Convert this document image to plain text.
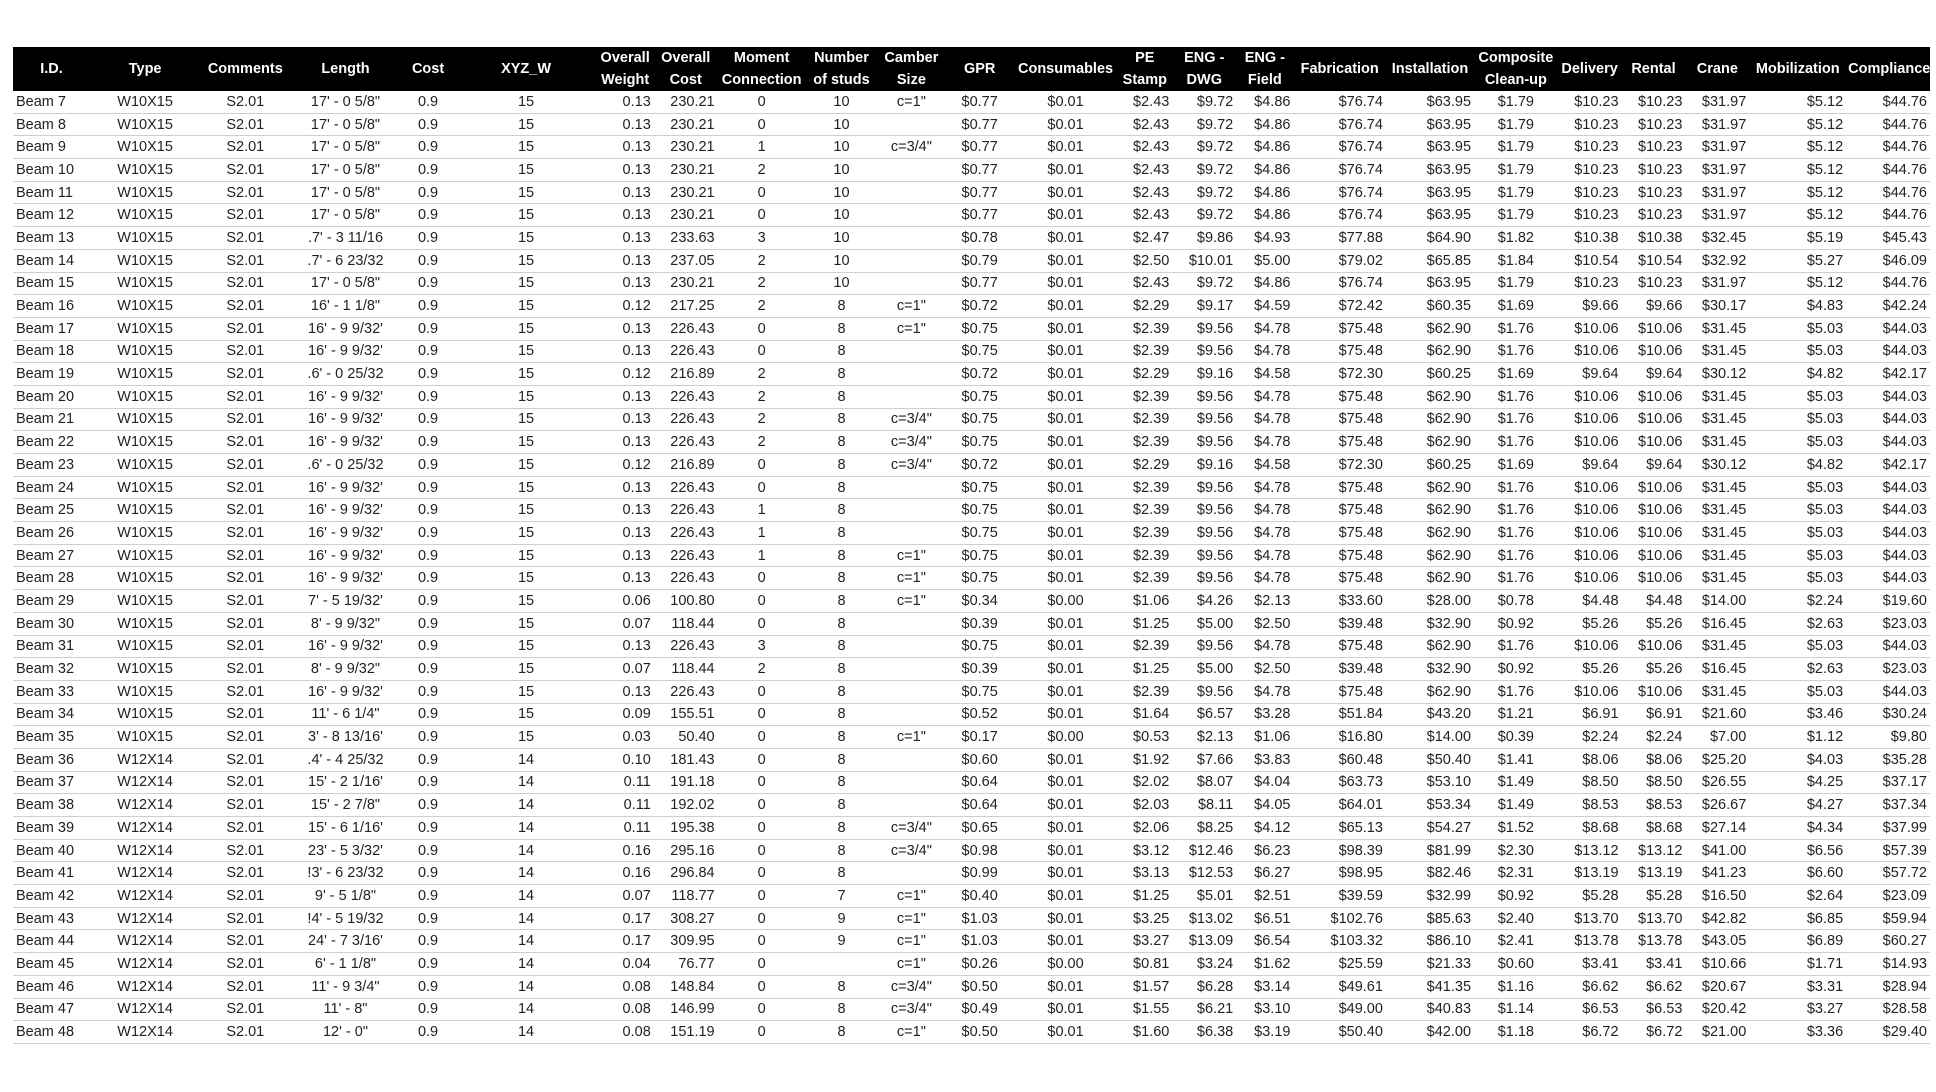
I.D.	Type	Comments	Length	Cost	XYZ_W	Overall Weight	Overall Cost	Moment Connection	Number of studs	Camber Size	GPR	Consumables	PE Stamp	ENG - DWG	ENG - Field	Fabrication	Installation	Composite Clean-up	Delivery	Rental	Crane	Mobilization	Compliance
Beam 7	W10X15	S2.01	17' - 0 5/8"	0.9	15	0.13	230.21	0	10	c=1"	$0.77	$0.01	$2.43	$9.72	$4.86	$76.74	$63.95	$1.79	$10.23	$10.23	$31.97	$5.12	$44.76
Beam 8	W10X15	S2.01	17' - 0 5/8"	0.9	15	0.13	230.21	0	10		$0.77	$0.01	$2.43	$9.72	$4.86	$76.74	$63.95	$1.79	$10.23	$10.23	$31.97	$5.12	$44.76
Beam 9	W10X15	S2.01	17' - 0 5/8"	0.9	15	0.13	230.21	1	10	c=3/4"	$0.77	$0.01	$2.43	$9.72	$4.86	$76.74	$63.95	$1.79	$10.23	$10.23	$31.97	$5.12	$44.76
Beam 10	W10X15	S2.01	17' - 0 5/8"	0.9	15	0.13	230.21	2	10		$0.77	$0.01	$2.43	$9.72	$4.86	$76.74	$63.95	$1.79	$10.23	$10.23	$31.97	$5.12	$44.76
Beam 11	W10X15	S2.01	17' - 0 5/8"	0.9	15	0.13	230.21	0	10		$0.77	$0.01	$2.43	$9.72	$4.86	$76.74	$63.95	$1.79	$10.23	$10.23	$31.97	$5.12	$44.76
Beam 12	W10X15	S2.01	17' - 0 5/8"	0.9	15	0.13	230.21	0	10		$0.77	$0.01	$2.43	$9.72	$4.86	$76.74	$63.95	$1.79	$10.23	$10.23	$31.97	$5.12	$44.76
Beam 13	W10X15	S2.01	.7' - 3 11/16	0.9	15	0.13	233.63	3	10		$0.78	$0.01	$2.47	$9.86	$4.93	$77.88	$64.90	$1.82	$10.38	$10.38	$32.45	$5.19	$45.43
Beam 14	W10X15	S2.01	.7' - 6 23/32	0.9	15	0.13	237.05	2	10		$0.79	$0.01	$2.50	$10.01	$5.00	$79.02	$65.85	$1.84	$10.54	$10.54	$32.92	$5.27	$46.09
Beam 15	W10X15	S2.01	17' - 0 5/8"	0.9	15	0.13	230.21	2	10		$0.77	$0.01	$2.43	$9.72	$4.86	$76.74	$63.95	$1.79	$10.23	$10.23	$31.97	$5.12	$44.76
Beam 16	W10X15	S2.01	16' - 1 1/8"	0.9	15	0.12	217.25	2	8	c=1"	$0.72	$0.01	$2.29	$9.17	$4.59	$72.42	$60.35	$1.69	$9.66	$9.66	$30.17	$4.83	$42.24
Beam 17	W10X15	S2.01	16' - 9 9/32'	0.9	15	0.13	226.43	0	8	c=1"	$0.75	$0.01	$2.39	$9.56	$4.78	$75.48	$62.90	$1.76	$10.06	$10.06	$31.45	$5.03	$44.03
Beam 18	W10X15	S2.01	16' - 9 9/32'	0.9	15	0.13	226.43	0	8		$0.75	$0.01	$2.39	$9.56	$4.78	$75.48	$62.90	$1.76	$10.06	$10.06	$31.45	$5.03	$44.03
Beam 19	W10X15	S2.01	.6' - 0 25/32	0.9	15	0.12	216.89	2	8		$0.72	$0.01	$2.29	$9.16	$4.58	$72.30	$60.25	$1.69	$9.64	$9.64	$30.12	$4.82	$42.17
Beam 20	W10X15	S2.01	16' - 9 9/32'	0.9	15	0.13	226.43	2	8		$0.75	$0.01	$2.39	$9.56	$4.78	$75.48	$62.90	$1.76	$10.06	$10.06	$31.45	$5.03	$44.03
Beam 21	W10X15	S2.01	16' - 9 9/32'	0.9	15	0.13	226.43	2	8	c=3/4"	$0.75	$0.01	$2.39	$9.56	$4.78	$75.48	$62.90	$1.76	$10.06	$10.06	$31.45	$5.03	$44.03
Beam 22	W10X15	S2.01	16' - 9 9/32'	0.9	15	0.13	226.43	2	8	c=3/4"	$0.75	$0.01	$2.39	$9.56	$4.78	$75.48	$62.90	$1.76	$10.06	$10.06	$31.45	$5.03	$44.03
Beam 23	W10X15	S2.01	.6' - 0 25/32	0.9	15	0.12	216.89	0	8	c=3/4"	$0.72	$0.01	$2.29	$9.16	$4.58	$72.30	$60.25	$1.69	$9.64	$9.64	$30.12	$4.82	$42.17
Beam 24	W10X15	S2.01	16' - 9 9/32'	0.9	15	0.13	226.43	0	8		$0.75	$0.01	$2.39	$9.56	$4.78	$75.48	$62.90	$1.76	$10.06	$10.06	$31.45	$5.03	$44.03
Beam 25	W10X15	S2.01	16' - 9 9/32'	0.9	15	0.13	226.43	1	8		$0.75	$0.01	$2.39	$9.56	$4.78	$75.48	$62.90	$1.76	$10.06	$10.06	$31.45	$5.03	$44.03
Beam 26	W10X15	S2.01	16' - 9 9/32'	0.9	15	0.13	226.43	1	8		$0.75	$0.01	$2.39	$9.56	$4.78	$75.48	$62.90	$1.76	$10.06	$10.06	$31.45	$5.03	$44.03
Beam 27	W10X15	S2.01	16' - 9 9/32'	0.9	15	0.13	226.43	1	8	c=1"	$0.75	$0.01	$2.39	$9.56	$4.78	$75.48	$62.90	$1.76	$10.06	$10.06	$31.45	$5.03	$44.03
Beam 28	W10X15	S2.01	16' - 9 9/32'	0.9	15	0.13	226.43	0	8	c=1"	$0.75	$0.01	$2.39	$9.56	$4.78	$75.48	$62.90	$1.76	$10.06	$10.06	$31.45	$5.03	$44.03
Beam 29	W10X15	S2.01	7' - 5 19/32'	0.9	15	0.06	100.80	0	8	c=1"	$0.34	$0.00	$1.06	$4.26	$2.13	$33.60	$28.00	$0.78	$4.48	$4.48	$14.00	$2.24	$19.60
Beam 30	W10X15	S2.01	8' - 9 9/32"	0.9	15	0.07	118.44	0	8		$0.39	$0.01	$1.25	$5.00	$2.50	$39.48	$32.90	$0.92	$5.26	$5.26	$16.45	$2.63	$23.03
Beam 31	W10X15	S2.01	16' - 9 9/32'	0.9	15	0.13	226.43	3	8		$0.75	$0.01	$2.39	$9.56	$4.78	$75.48	$62.90	$1.76	$10.06	$10.06	$31.45	$5.03	$44.03
Beam 32	W10X15	S2.01	8' - 9 9/32"	0.9	15	0.07	118.44	2	8		$0.39	$0.01	$1.25	$5.00	$2.50	$39.48	$32.90	$0.92	$5.26	$5.26	$16.45	$2.63	$23.03
Beam 33	W10X15	S2.01	16' - 9 9/32'	0.9	15	0.13	226.43	0	8		$0.75	$0.01	$2.39	$9.56	$4.78	$75.48	$62.90	$1.76	$10.06	$10.06	$31.45	$5.03	$44.03
Beam 34	W10X15	S2.01	11' - 6 1/4"	0.9	15	0.09	155.51	0	8		$0.52	$0.01	$1.64	$6.57	$3.28	$51.84	$43.20	$1.21	$6.91	$6.91	$21.60	$3.46	$30.24
Beam 35	W10X15	S2.01	3' - 8 13/16'	0.9	15	0.03	50.40	0	8	c=1"	$0.17	$0.00	$0.53	$2.13	$1.06	$16.80	$14.00	$0.39	$2.24	$2.24	$7.00	$1.12	$9.80
Beam 36	W12X14	S2.01	.4' - 4 25/32	0.9	14	0.10	181.43	0	8		$0.60	$0.01	$1.92	$7.66	$3.83	$60.48	$50.40	$1.41	$8.06	$8.06	$25.20	$4.03	$35.28
Beam 37	W12X14	S2.01	15' - 2 1/16'	0.9	14	0.11	191.18	0	8		$0.64	$0.01	$2.02	$8.07	$4.04	$63.73	$53.10	$1.49	$8.50	$8.50	$26.55	$4.25	$37.17
Beam 38	W12X14	S2.01	15' - 2 7/8"	0.9	14	0.11	192.02	0	8		$0.64	$0.01	$2.03	$8.11	$4.05	$64.01	$53.34	$1.49	$8.53	$8.53	$26.67	$4.27	$37.34
Beam 39	W12X14	S2.01	15' - 6 1/16'	0.9	14	0.11	195.38	0	8	c=3/4"	$0.65	$0.01	$2.06	$8.25	$4.12	$65.13	$54.27	$1.52	$8.68	$8.68	$27.14	$4.34	$37.99
Beam 40	W12X14	S2.01	23' - 5 3/32'	0.9	14	0.16	295.16	0	8	c=3/4"	$0.98	$0.01	$3.12	$12.46	$6.23	$98.39	$81.99	$2.30	$13.12	$13.12	$41.00	$6.56	$57.39
Beam 41	W12X14	S2.01	!3' - 6 23/32	0.9	14	0.16	296.84	0	8		$0.99	$0.01	$3.13	$12.53	$6.27	$98.95	$82.46	$2.31	$13.19	$13.19	$41.23	$6.60	$57.72
Beam 42	W12X14	S2.01	9' - 5 1/8"	0.9	14	0.07	118.77	0	7	c=1"	$0.40	$0.01	$1.25	$5.01	$2.51	$39.59	$32.99	$0.92	$5.28	$5.28	$16.50	$2.64	$23.09
Beam 43	W12X14	S2.01	!4' - 5 19/32	0.9	14	0.17	308.27	0	9	c=1"	$1.03	$0.01	$3.25	$13.02	$6.51	$102.76	$85.63	$2.40	$13.70	$13.70	$42.82	$6.85	$59.94
Beam 44	W12X14	S2.01	24' - 7 3/16'	0.9	14	0.17	309.95	0	9	c=1"	$1.03	$0.01	$3.27	$13.09	$6.54	$103.32	$86.10	$2.41	$13.78	$13.78	$43.05	$6.89	$60.27
Beam 45	W12X14	S2.01	6' - 1 1/8"	0.9	14	0.04	76.77	0		c=1"	$0.26	$0.00	$0.81	$3.24	$1.62	$25.59	$21.33	$0.60	$3.41	$3.41	$10.66	$1.71	$14.93
Beam 46	W12X14	S2.01	11' - 9 3/4"	0.9	14	0.08	148.84	0	8	c=3/4"	$0.50	$0.01	$1.57	$6.28	$3.14	$49.61	$41.35	$1.16	$6.62	$6.62	$20.67	$3.31	$28.94
Beam 47	W12X14	S2.01	11' - 8"	0.9	14	0.08	146.99	0	8	c=3/4"	$0.49	$0.01	$1.55	$6.21	$3.10	$49.00	$40.83	$1.14	$6.53	$6.53	$20.42	$3.27	$28.58
Beam 48	W12X14	S2.01	12' - 0"	0.9	14	0.08	151.19	0	8	c=1"	$0.50	$0.01	$1.60	$6.38	$3.19	$50.40	$42.00	$1.18	$6.72	$6.72	$21.00	$3.36	$29.40
